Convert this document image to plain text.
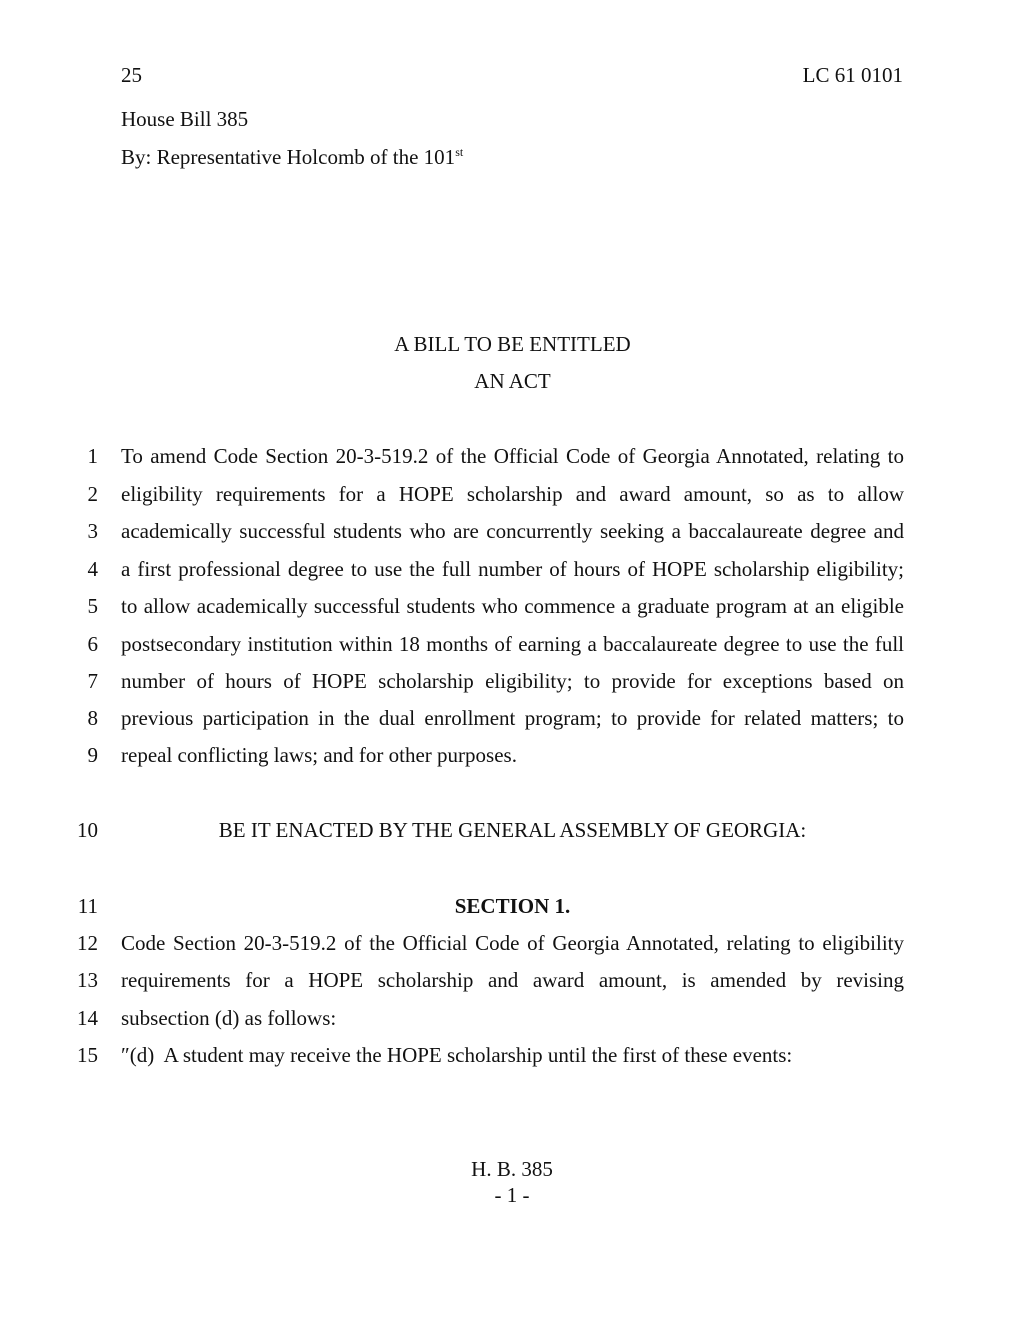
25	LC 61 0101
House Bill 385
By: Representative Holcomb of the 101st
A BILL TO BE ENTITLED
AN ACT
1 To amend Code Section 20-3-519.2 of the Official Code of Georgia Annotated, relating to
2 eligibility requirements for a HOPE scholarship and award amount, so as to allow
3 academically successful students who are concurrently seeking a baccalaureate degree and
4 a first professional degree to use the full number of hours of HOPE scholarship eligibility;
5 to allow academically successful students who commence a graduate program at an eligible
6 postsecondary institution within 18 months of earning a baccalaureate degree to use the full
7 number of hours of HOPE scholarship eligibility; to provide for exceptions based on
8 previous participation in the dual enrollment program; to provide for related matters; to
9 repeal conflicting laws; and for other purposes.
10	BE IT ENACTED BY THE GENERAL ASSEMBLY OF GEORGIA:
11	SECTION 1.
12 Code Section 20-3-519.2 of the Official Code of Georgia Annotated, relating to eligibility
13 requirements for a HOPE scholarship and award amount, is amended by revising
14 subsection (d) as follows:
15 ″(d)  A student may receive the HOPE scholarship until the first of these events:
H. B. 385
- 1 -
